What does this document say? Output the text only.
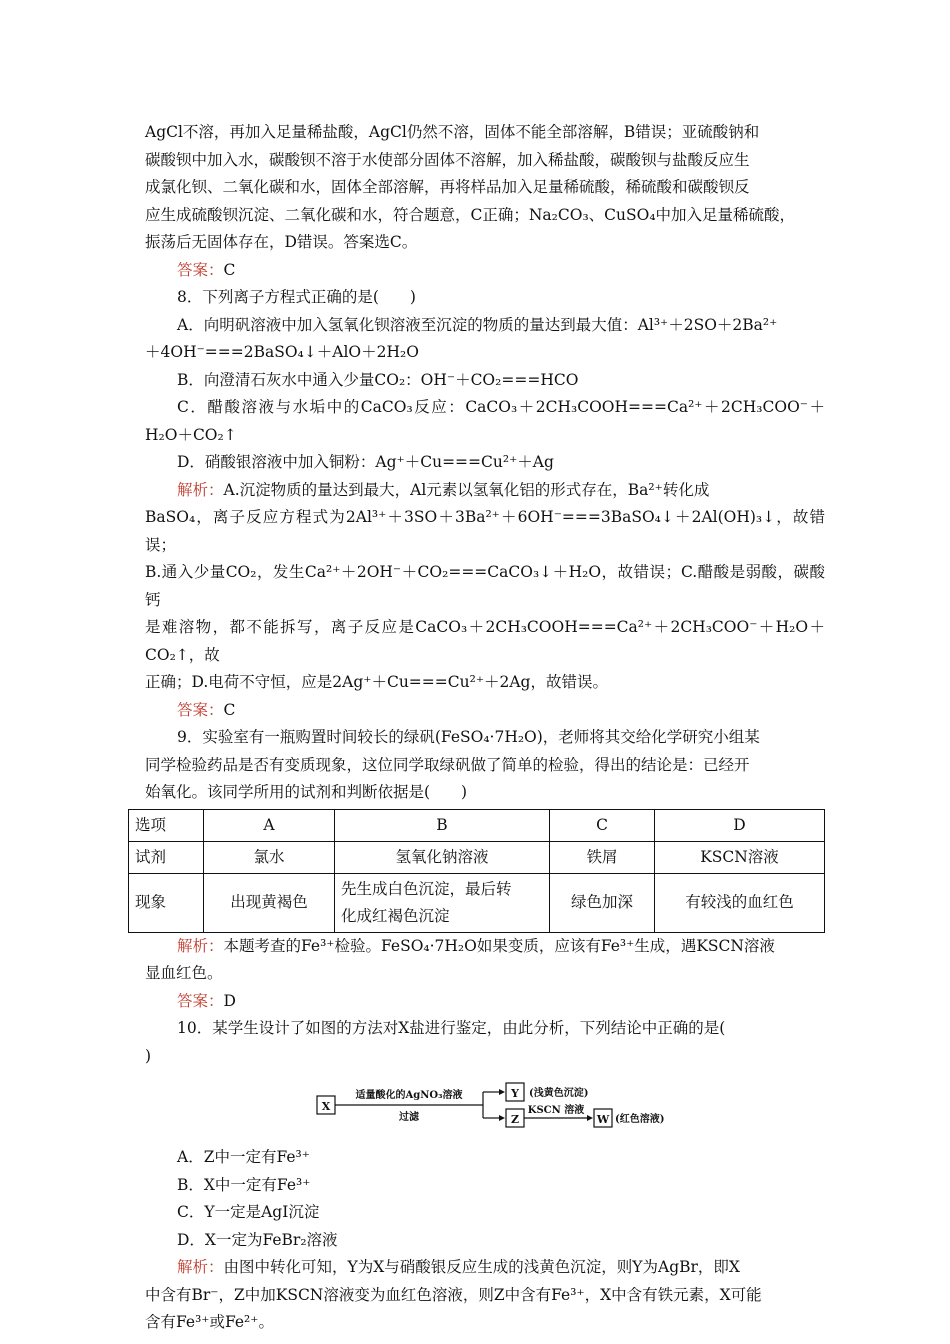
AgCl不溶，再加入足量稀盐酸，AgCl仍然不溶，固体不能全部溶解，B错误；亚硫酸钠和

碳酸钡中加入水，碳酸钡不溶于水使部分固体不溶解，加入稀盐酸，碳酸钡与盐酸反应生

成氯化钡、二氧化碳和水，固体全部溶解，再将样品加入足量稀硫酸，稀硫酸和碳酸钡反

应生成硫酸钡沉淀、二氧化碳和水，符合题意，C正确；Na₂CO₃、CuSO₄中加入足量稀硫酸，

振荡后无固体存在，D错误。答案选C。

答案：C

8．下列离子方程式正确的是(　　)

A．向明矾溶液中加入氢氧化钡溶液至沉淀的物质的量达到最大值：Al³⁺＋2SO＋2Ba²⁺

＋4OH⁻===2BaSO₄↓＋AlO＋2H₂O

B．向澄清石灰水中通入少量CO₂：OH⁻＋CO₂===HCO

C．醋酸溶液与水垢中的CaCO₃反应：CaCO₃＋2CH₃COOH===Ca²⁺＋2CH₃COO⁻＋H₂O＋CO₂↑

D．硝酸银溶液中加入铜粉：Ag⁺＋Cu===Cu²⁺＋Ag

解析：A.沉淀物质的量达到最大，Al元素以氢氧化铝的形式存在，Ba²⁺转化成

BaSO₄，离子反应方程式为2Al³⁺＋3SO＋3Ba²⁺＋6OH⁻===3BaSO₄↓＋2Al(OH)₃↓，故错误；

B.通入少量CO₂，发生Ca²⁺＋2OH⁻＋CO₂===CaCO₃↓＋H₂O，故错误；C.醋酸是弱酸，碳酸钙

是难溶物，都不能拆写，离子反应是CaCO₃＋2CH₃COOH===Ca²⁺＋2CH₃COO⁻＋H₂O＋CO₂↑，故

正确；D.电荷不守恒，应是2Ag⁺＋Cu===Cu²⁺＋2Ag，故错误。

答案：C

9．实验室有一瓶购置时间较长的绿矾(FeSO₄·7H₂O)，老师将其交给化学研究小组某

同学检验药品是否有变质现象，这位同学取绿矾做了简单的检验，得出的结论是：已经开

始氧化。该同学所用的试剂和判断依据是(　　)

选项	A	B	C	D
试剂	氯水	氢氧化钠溶液	铁屑	KSCN溶液
现象	出现黄褐色	先生成白色沉淀，最后转
化成红褐色沉淀	绿色加深	有较浅的血红色

解析：本题考查的Fe³⁺检验。FeSO₄·7H₂O如果变质，应该有Fe³⁺生成，遇KSCN溶液

显血红色。

答案：D

10．某学生设计了如图的方法对X盐进行鉴定，由此分析，下列结论中正确的是(

)

X
适量酸化的AgNO₃溶液
过滤
Y (浅黄色沉淀)
Z
KSCN 溶液
W (红色溶液)

A．Z中一定有Fe³⁺

B．X中一定有Fe³⁺

C．Y一定是AgI沉淀

D．X一定为FeBr₂溶液

解析：由图中转化可知，Y为X与硝酸银反应生成的浅黄色沉淀，则Y为AgBr，即X

中含有Br⁻，Z中加KSCN溶液变为血红色溶液，则Z中含有Fe³⁺，X中含有铁元素，X可能

含有Fe³⁺或Fe²⁺。
